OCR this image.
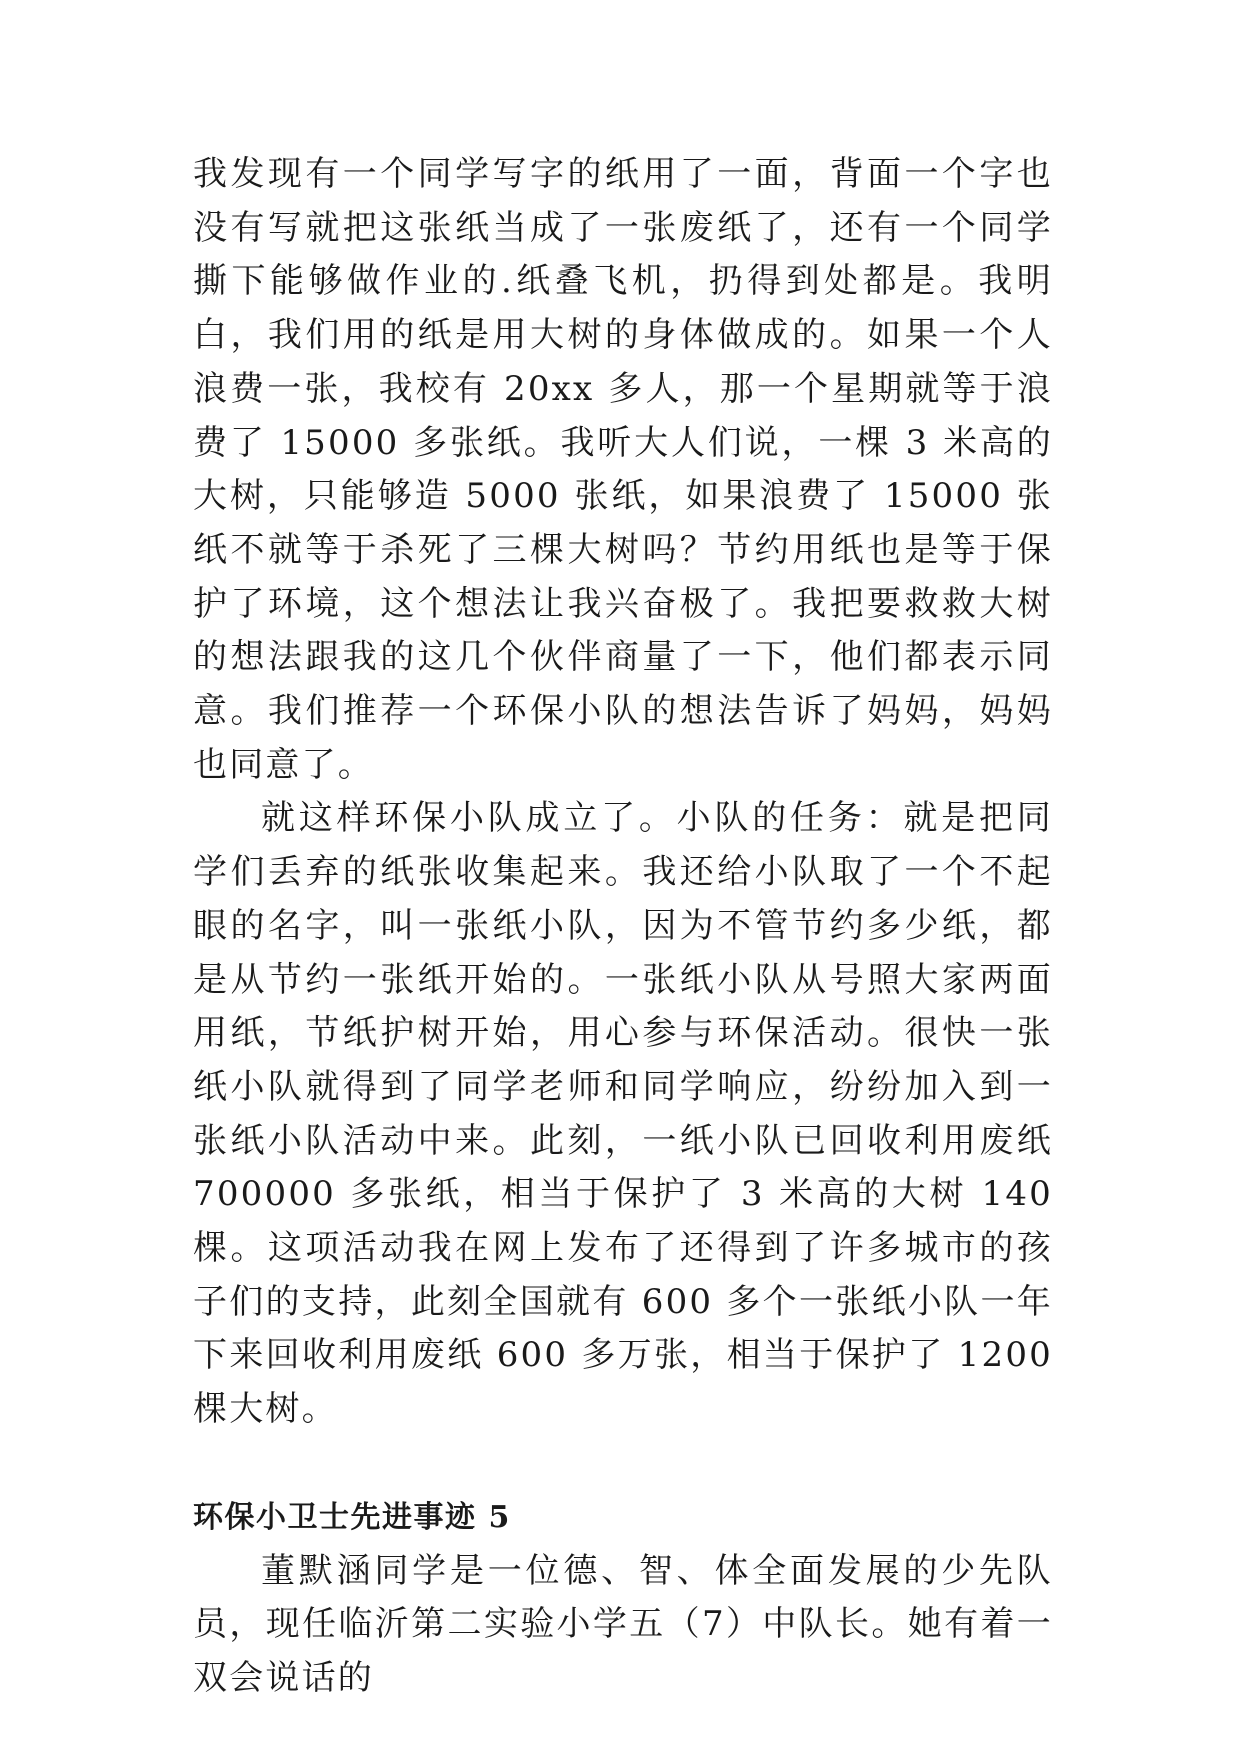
我发现有一个同学写字的纸用了一面，背面一个字也没有写就把这张纸当成了一张废纸了，还有一个同学撕下能够做作业的.纸叠飞机，扔得到处都是。我明白，我们用的纸是用大树的身体做成的。如果一个人浪费一张，我校有 20xx 多人，那一个星期就等于浪费了 15000 多张纸。我听大人们说，一棵 3 米高的大树，只能够造 5000 张纸，如果浪费了 15000 张纸不就等于杀死了三棵大树吗？节约用纸也是等于保护了环境，这个想法让我兴奋极了。我把要救救大树的想法跟我的这几个伙伴商量了一下，他们都表示同意。我们推荐一个环保小队的想法告诉了妈妈，妈妈也同意了。

就这样环保小队成立了。小队的任务：就是把同学们丢弃的纸张收集起来。我还给小队取了一个不起眼的名字，叫一张纸小队，因为不管节约多少纸，都是从节约一张纸开始的。一张纸小队从号照大家两面用纸，节纸护树开始，用心参与环保活动。很快一张纸小队就得到了同学老师和同学响应，纷纷加入到一张纸小队活动中来。此刻，一纸小队已回收利用废纸 700000 多张纸，相当于保护了 3 米高的大树 140 棵。这项活动我在网上发布了还得到了许多城市的孩子们的支持，此刻全国就有 600 多个一张纸小队一年下来回收利用废纸 600 多万张，相当于保护了 1200 棵大树。

环保小卫士先进事迹 5

董默涵同学是一位德、智、体全面发展的少先队员，现任临沂第二实验小学五（7）中队长。她有着一双会说话的
